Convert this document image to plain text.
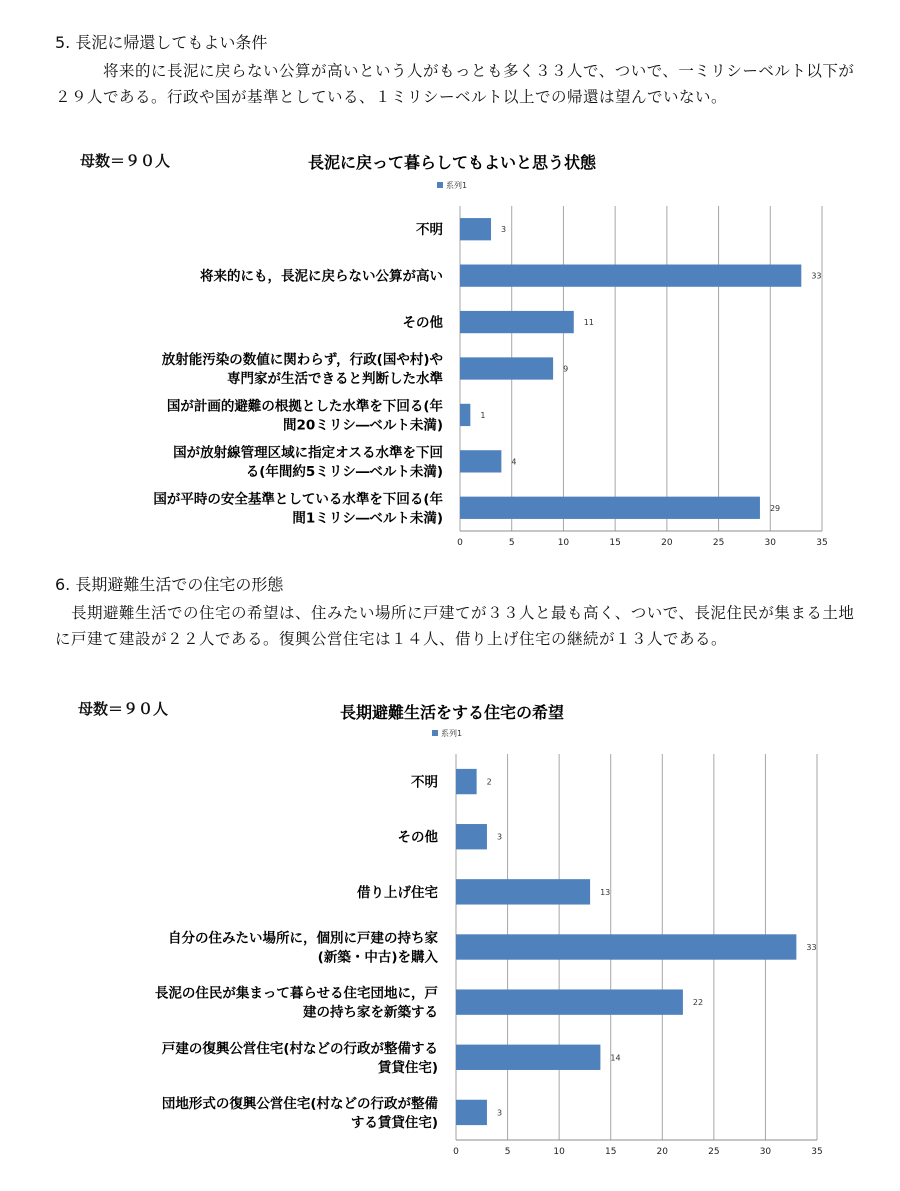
5. 長泥に帰還してもよい条件
将来的に長泥に戻らない公算が高いという人がもっとも多く３３人で、ついで、一ミリシーベルト以下が２９人である。行政や国が基準としている、１ミリシーベルト以上での帰還は望んでいない。
母数＝９０人	長泥に戻って暮らしてもよいと思う状態
系列1
0	5	10	15	20	25	30	35
3
不明
33
将来的にも，長泥に戻らない公算が高い
11
その他
9
放射能汚染の数値に関わらず，行政(国や村)や
専門家が生活できると判断した水準
1
国が計画的避難の根拠とした水準を下回る(年
間20ミリシ―ベルト未満)
4
国が放射線管理区域に指定オスる水準を下回
る(年間約5ミリシ―ベルト未満)
29
国が平時の安全基準としている水準を下回る(年
間1ミリシ―ベルト未満)
6. 長期避難生活での住宅の形態
長期避難生活での住宅の希望は、住みたい場所に戸建てが３３人と最も高く、ついで、長泥住民が集まる土地に戸建て建設が２２人である。復興公営住宅は１４人、借り上げ住宅の継続が１３人である。
母数＝９０人	長期避難生活をする住宅の希望
系列1
0	5	10	15	20	25	30	35
2
不明
3
その他
13
借り上げ住宅
33
自分の住みたい場所に，個別に戸建の持ち家
(新築・中古)を購入
22
長泥の住民が集まって暮らせる住宅団地に，戸
建の持ち家を新築する
14
戸建の復興公営住宅(村などの行政が整備する
賃貸住宅)
3
団地形式の復興公営住宅(村などの行政が整備
する賃貸住宅)
